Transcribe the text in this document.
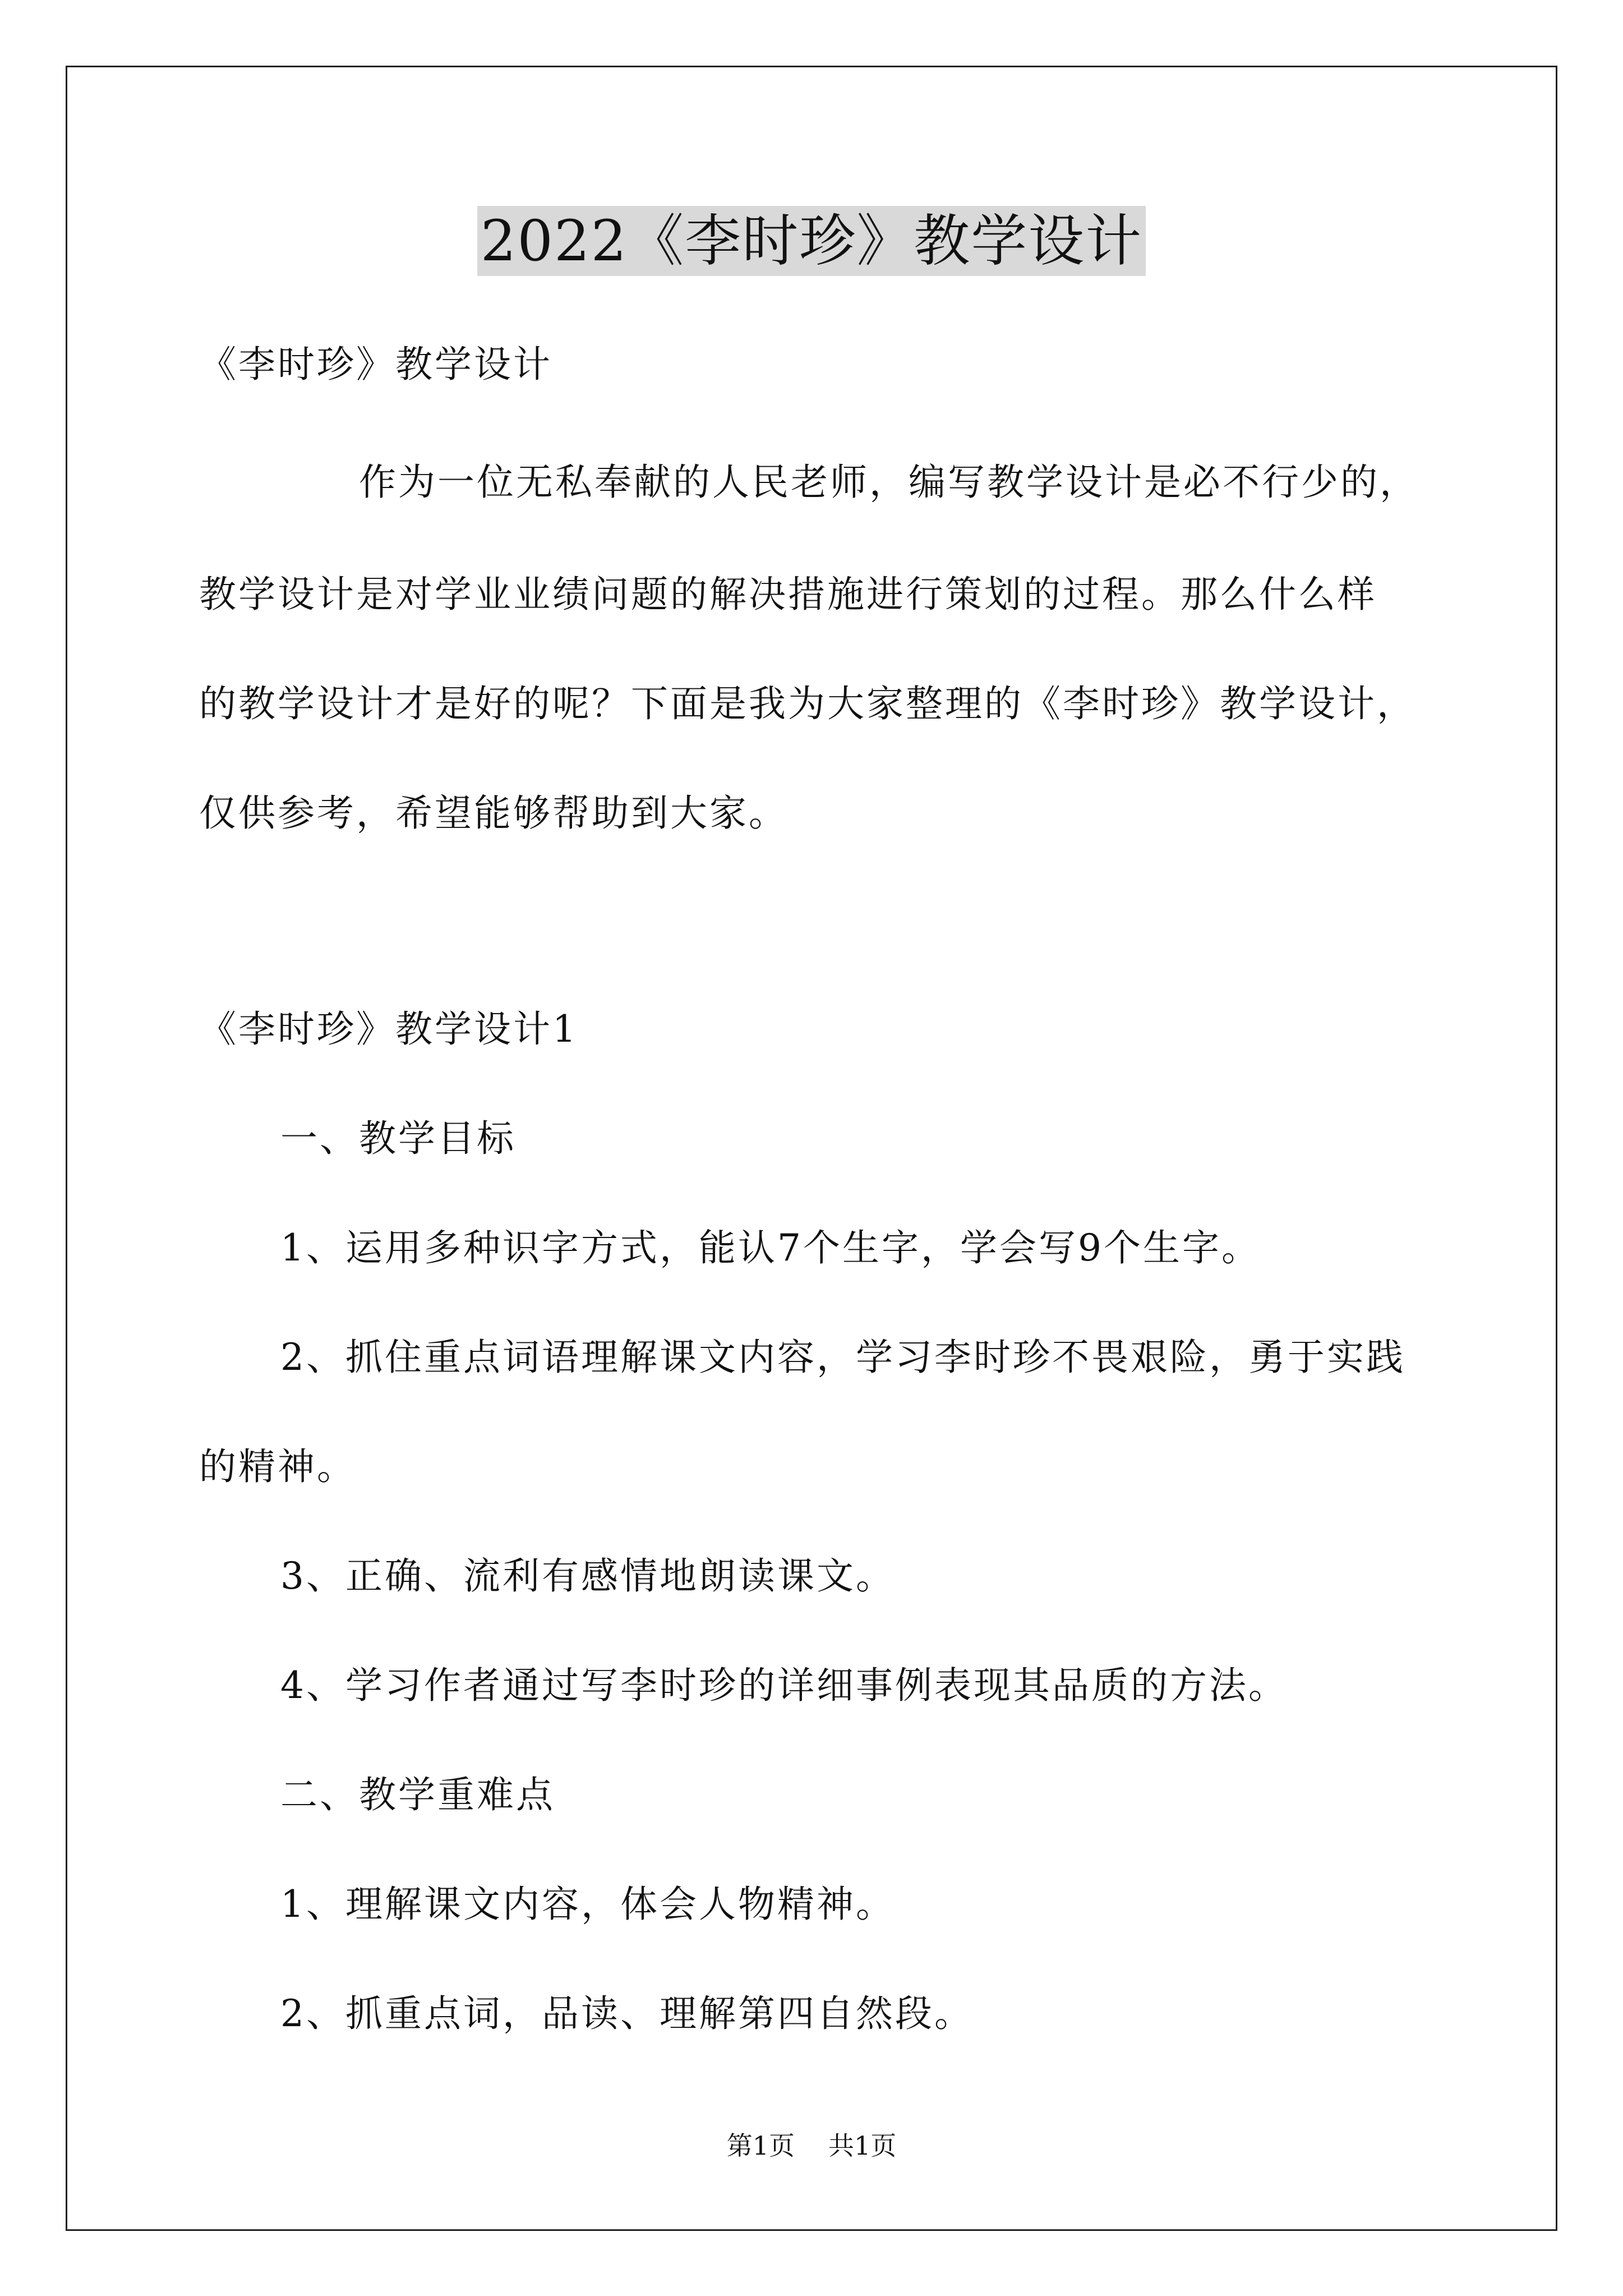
2022《李时珍》教学设计
《李时珍》教学设计
作为一位无私奉献的人民老师，编写教学设计是必不行少的，
教学设计是对学业业绩问题的解决措施进行策划的过程。那么什么样
的教学设计才是好的呢？下面是我为大家整理的《李时珍》教学设计，
仅供参考，希望能够帮助到大家。
《李时珍》教学设计1
一、教学目标
1、运用多种识字方式，能认7个生字，学会写9个生字。
2、抓住重点词语理解课文内容，学习李时珍不畏艰险，勇于实践
的精神。
3、正确、流利有感情地朗读课文。
4、学习作者通过写李时珍的详细事例表现其品质的方法。
二、教学重难点
1、理解课文内容，体会人物精神。
2、抓重点词，品读、理解第四自然段。
第1页 共1页
